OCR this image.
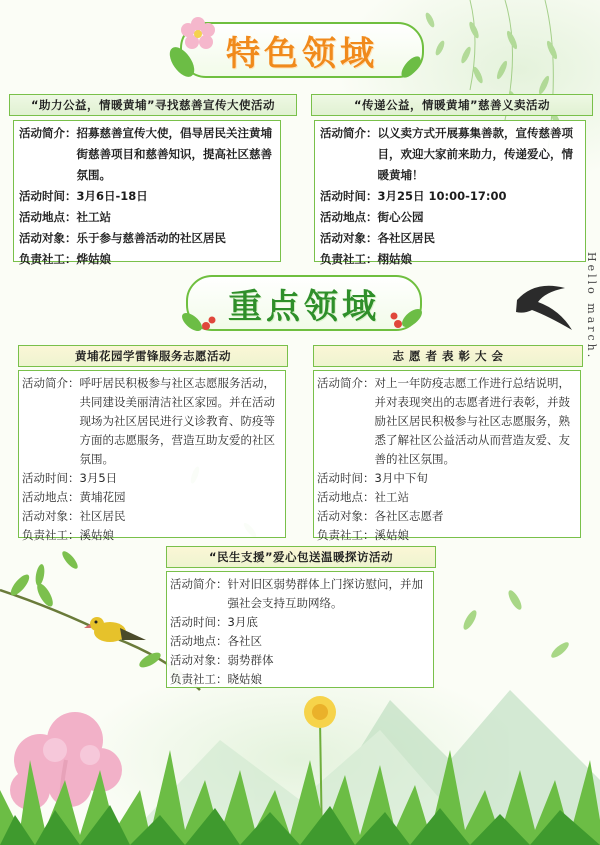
特色领域
“助力公益，情暖黄埔”寻找慈善宣传大使活动
活动简介： 招募慈善宣传大使，倡导居民关注黄埔街慈善项目和慈善知识，提高社区慈善氛围。
活动时间： 3月6日-18日
活动地点： 社工站
活动对象： 乐于参与慈善活动的社区居民
负责社工： 烨姑娘
“传递公益，情暖黄埔”慈善义卖活动
活动简介： 以义卖方式开展募集善款，宣传慈善项目，欢迎大家前来助力，传递爱心，情暖黄埔！
活动时间： 3月25日 10:00-17:00
活动地点： 街心公园
活动对象： 各社区居民
负责社工： 栩姑娘
重点领域
黄埔花园学雷锋服务志愿活动
活动简介： 呼吁居民积极参与社区志愿服务活动，共同建设美丽清洁社区家园。并在活动现场为社区居民进行义诊教育、防疫等方面的志愿服务，营造互助友爱的社区氛围。
活动时间： 3月5日
活动地点： 黄埔花园
活动对象： 社区居民
负责社工： 溪姑娘
志 愿 者 表 彰 大 会
活动简介： 对上一年防疫志愿工作进行总结说明，并对表现突出的志愿者进行表彰，并鼓励社区居民积极参与社区志愿服务，熟悉了解社区公益活动从而营造友爱、友善的社区氛围。
活动时间： 3月中下旬
活动地点： 社工站
活动对象： 各社区志愿者
负责社工： 溪姑娘
“民生支援”爱心包送温暖探访活动
活动简介： 针对旧区弱势群体上门探访慰问，并加强社会支持互助网络。
活动时间： 3月底
活动地点： 各社区
活动对象： 弱势群体
负责社工： 晓姑娘
Hello march.
